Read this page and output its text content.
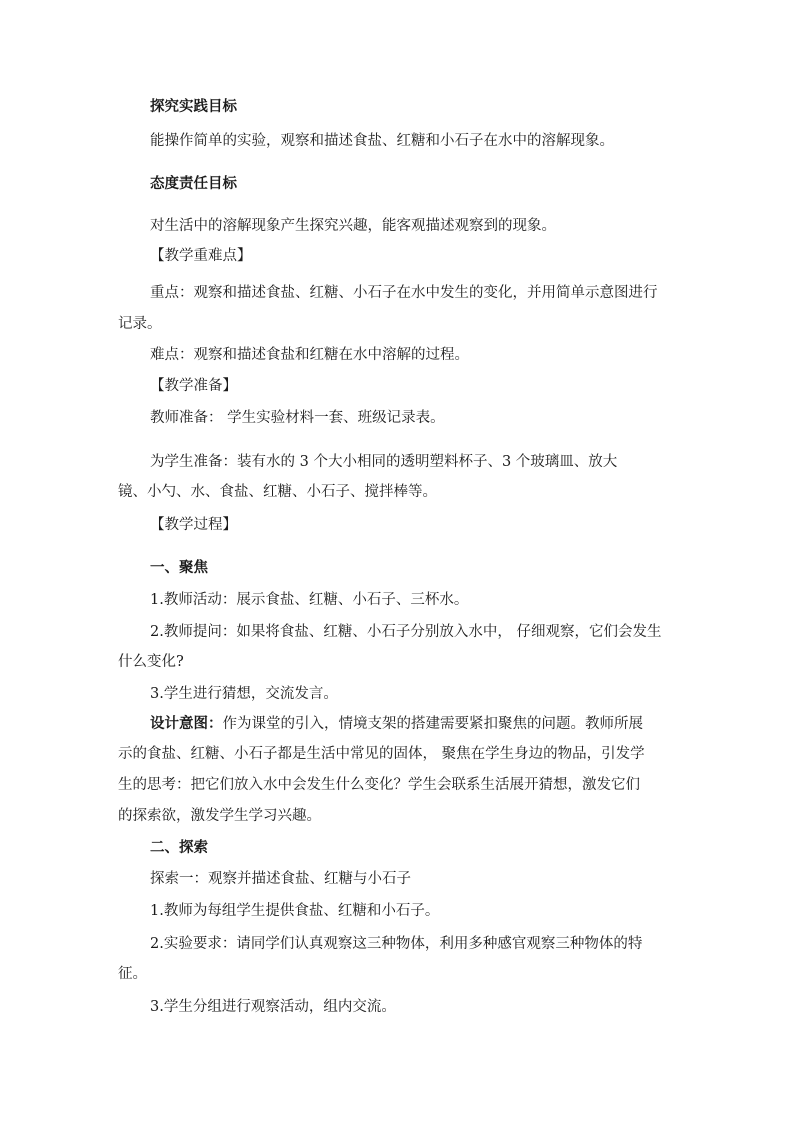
探究实践目标
能操作简单的实验，观察和描述食盐、红糖和小石子在水中的溶解现象。
态度责任目标
对生活中的溶解现象产生探究兴趣，能客观描述观察到的现象。
【教学重难点】
重点：观察和描述食盐、红糖、小石子在水中发生的变化，并用简单示意图进行
记录。
难点：观察和描述食盐和红糖在水中溶解的过程。
【教学准备】
教师准备： 学生实验材料一套、班级记录表。
为学生准备：装有水的 3 个大小相同的透明塑料杯子、3 个玻璃皿、放大
镜、小勺、水、食盐、红糖、小石子、搅拌棒等。
【教学过程】
一、聚焦
1.教师活动：展示食盐、红糖、小石子、三杯水。
2.教师提问：如果将食盐、红糖、小石子分别放入水中， 仔细观察，它们会发生
什么变化?
3.学生进行猜想，交流发言。
设计意图：作为课堂的引入，情境支架的搭建需要紧扣聚焦的问题。教师所展
示的食盐、红糖、小石子都是生活中常见的固体， 聚焦在学生身边的物品，引发学
生的思考：把它们放入水中会发生什么变化？学生会联系生活展开猜想，激发它们
的探索欲，激发学生学习兴趣。
二、探索
探索一：观察并描述食盐、红糖与小石子
1.教师为每组学生提供食盐、红糖和小石子。
2.实验要求：请同学们认真观察这三种物体，利用多种感官观察三种物体的特
征。
3.学生分组进行观察活动，组内交流。
